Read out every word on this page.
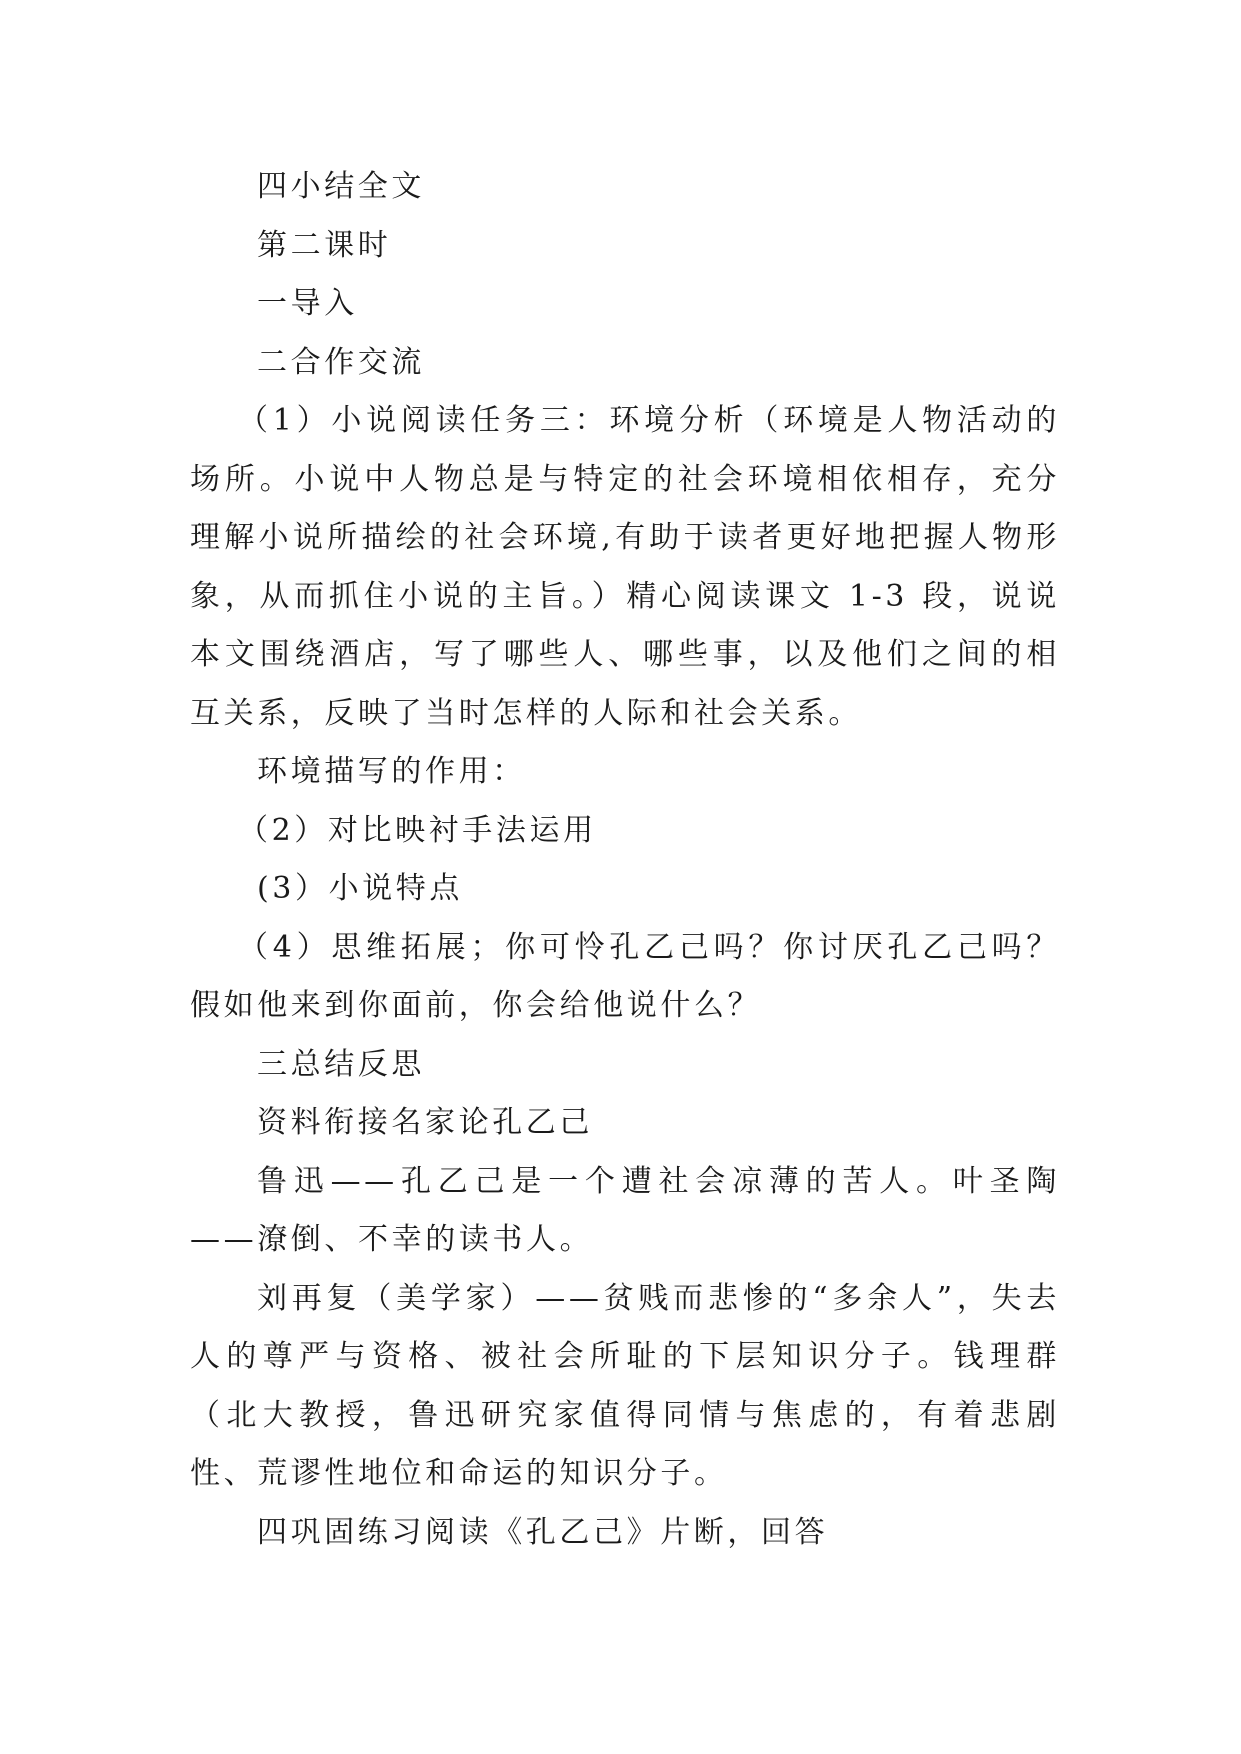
四小结全文

第二课时

一导入

二合作交流

（1）小说阅读任务三：环境分析（环境是人物活动的场所。小说中人物总是与特定的社会环境相依相存，充分理解小说所描绘的社会环境,有助于读者更好地把握人物形象，从而抓住小说的主旨。）精心阅读课文 1-3 段，说说本文围绕酒店，写了哪些人、哪些事，以及他们之间的相互关系，反映了当时怎样的人际和社会关系。

环境描写的作用：

（2）对比映衬手法运用

(3）小说特点

（4）思维拓展；你可怜孔乙己吗？你讨厌孔乙己吗？假如他来到你面前，你会给他说什么？

三总结反思

资料衔接名家论孔乙己

鲁迅——孔乙己是一个遭社会凉薄的苦人。叶圣陶——潦倒、不幸的读书人。

刘再复（美学家）——贫贱而悲惨的“多余人”，失去人的尊严与资格、被社会所耻的下层知识分子。钱理群（北大教授，鲁迅研究家值得同情与焦虑的，有着悲剧性、荒谬性地位和命运的知识分子。

四巩固练习阅读《孔乙己》片断，回答
